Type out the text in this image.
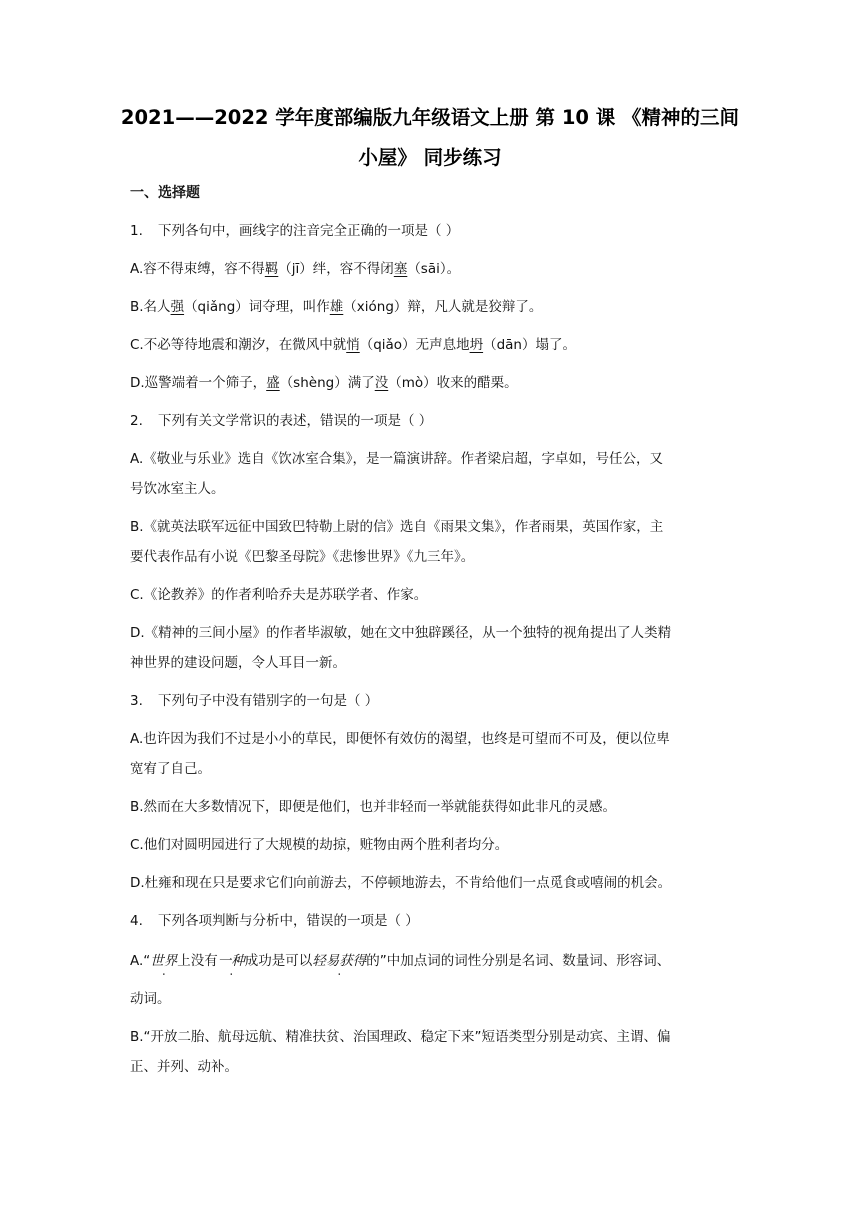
2021——2022 学年度部编版九年级语文上册 第 10 课 《精神的三间
小屋》 同步练习
一、选择题
1. 下列各句中，画线字的注音完全正确的一项是（ ）
A.容不得束缚，容不得羁（jī）绊，容不得闭塞（sāi）。
B.名人强（qiǎng）词夺理，叫作雄（xióng）辩，凡人就是狡辩了。
C.不必等待地震和潮汐，在微风中就悄（qiǎo）无声息地坍（dān）塌了。
D.巡警端着一个筛子，盛（shèng）满了没（mò）收来的醋栗。
2. 下列有关文学常识的表述，错误的一项是（ ）
A.《敬业与乐业》选自《饮冰室合集》，是一篇演讲辞。作者梁启超，字卓如，号任公，又
号饮冰室主人。
B.《就英法联军远征中国致巴特勒上尉的信》选自《雨果文集》，作者雨果，英国作家，主
要代表作品有小说《巴黎圣母院》《悲惨世界》《九三年》。
C.《论教养》的作者利哈乔夫是苏联学者、作家。
D.《精神的三间小屋》的作者毕淑敏，她在文中独辟蹊径，从一个独特的视角提出了人类精
神世界的建设问题，令人耳目一新。
3. 下列句子中没有错别字的一句是（ ）
A.也许因为我们不过是小小的草民，即便怀有效仿的渴望，也终是可望而不可及，便以位卑
宽宥了自己。
B.然而在大多数情况下，即便是他们，也并非轻而一举就能获得如此非凡的灵感。
C.他们对圆明园进行了大规模的劫掠，赃物由两个胜利者均分。
D.杜雍和现在只是要求它们向前游去，不停顿地游去，不肯给他们一点觅食或嘻闹的机会。
4. 下列各项判断与分析中，错误的一项是（ ）
A.“世界上没有一种成功是可以轻易获得的”中加点词的词性分别是名词、数量词、形容词、
动词。
B.“开放二胎、航母远航、精准扶贫、治国理政、稳定下来”短语类型分别是动宾、主谓、偏
正、并列、动补。
